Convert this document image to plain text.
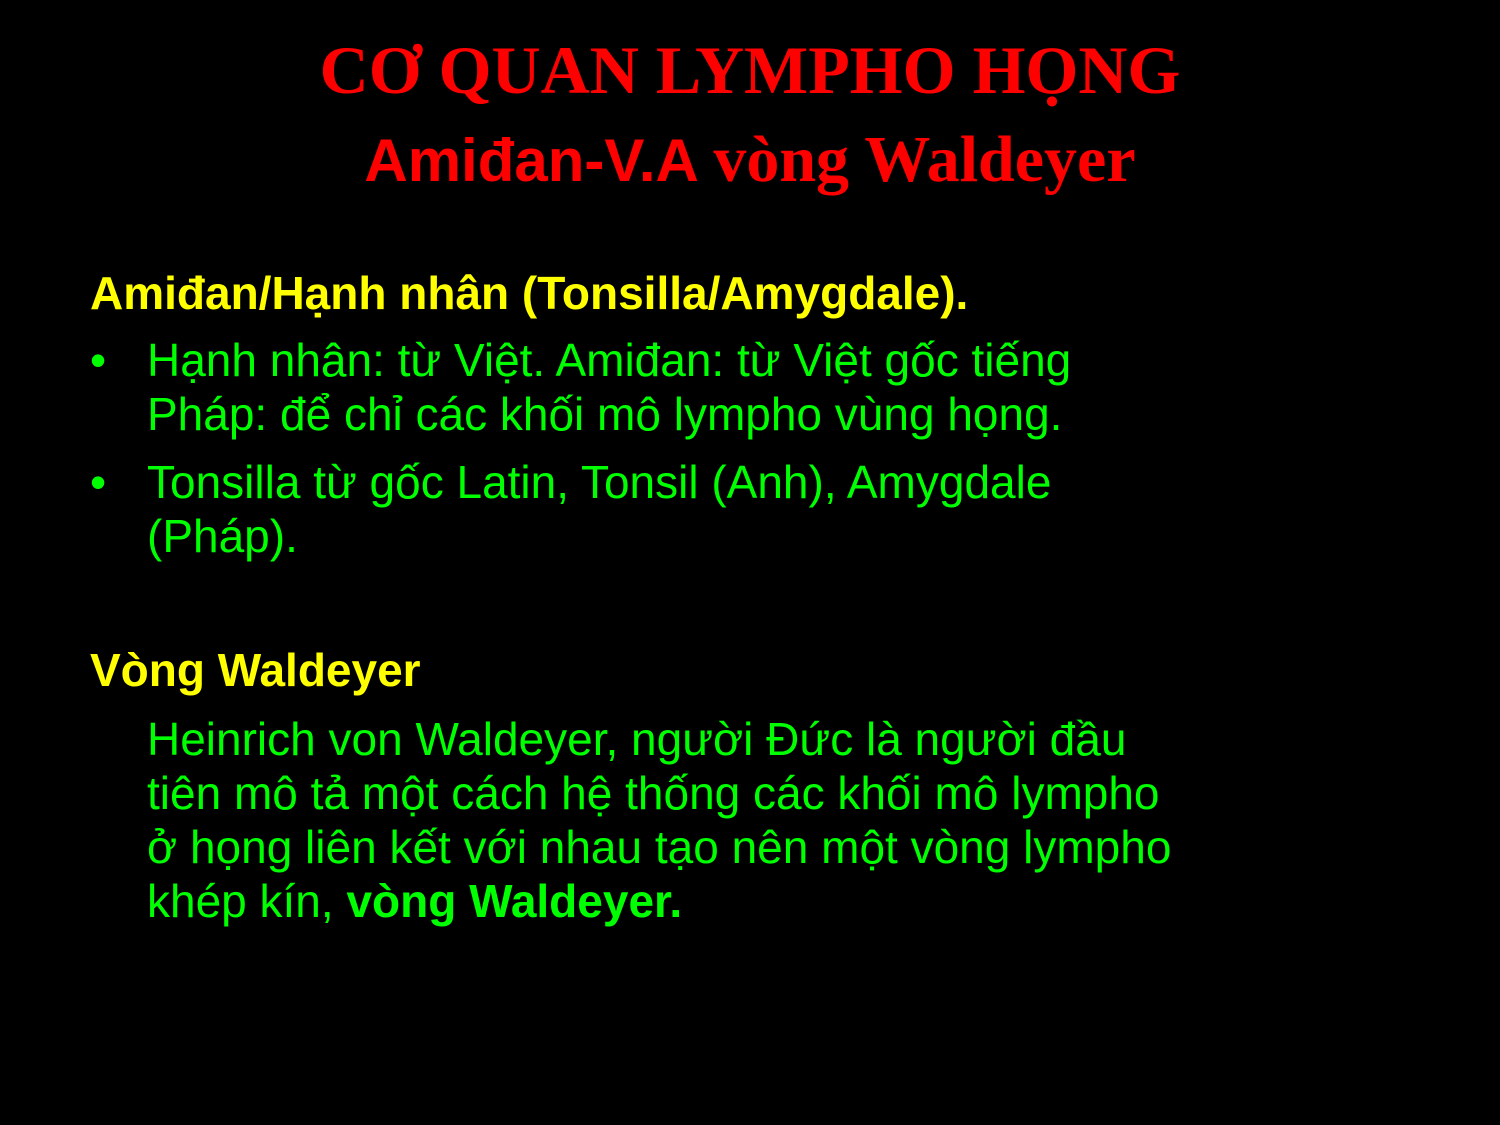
CƠ QUAN LYMPHO HỌNG
Amiđan-V.A vòng Waldeyer
Amiđan/Hạnh nhân (Tonsilla/Amygdale).
• Hạnh nhân: từ Việt. Amiđan: từ Việt gốc tiếng
Pháp: để chỉ các khối mô lympho vùng họng.
• Tonsilla từ gốc Latin, Tonsil (Anh), Amygdale
(Pháp).
Vòng Waldeyer
Heinrich von Waldeyer, người Đức là người đầu
tiên mô tả một cách hệ thống các khối mô lympho
ở họng liên kết với nhau tạo nên một vòng lympho
khép kín, vòng Waldeyer.
